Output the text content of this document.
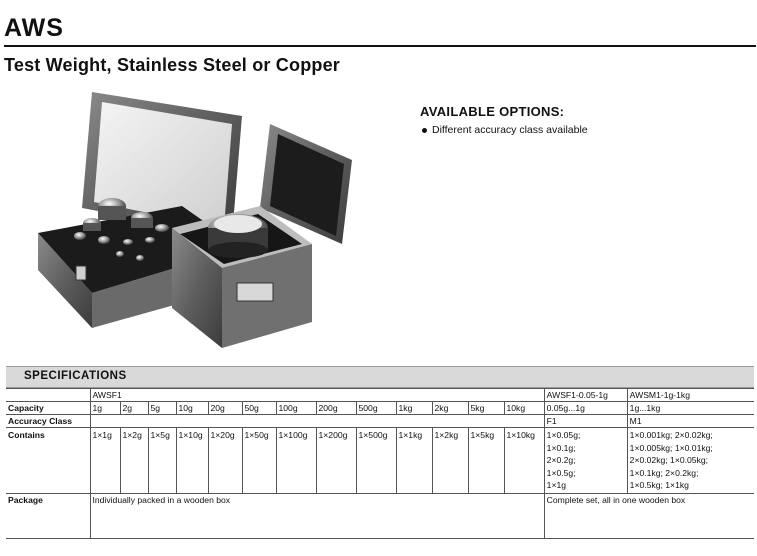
AWS
Test Weight, Stainless Steel or Copper
AVAILABLE OPTIONS:
Different accuracy class available
SPECIFICATIONS
	AWSF1													AWSF1-0.05-1g	AWSM1-1g-1kg
Capacity	1g	2g	5g	10g	20g	50g	100g	200g	500g	1kg	2kg	5kg	10kg	0.05g...1g	1g...1kg
Accuracy Class														F1	M1
Contains	1×1g	1×2g	1×5g	1×10g	1×20g	1×50g	1×100g	1×200g	1×500g	1×1kg	1×2kg	1×5kg	1×10kg	1×0.05g;
1×0.1g;
2×0.2g;
1×0.5g;
1×1g	1×0.001kg; 2×0.02kg;
1×0.005kg; 1×0.01kg;
2×0.02kg; 1×0.05kg;
1×0.1kg; 2×0.2kg;
1×0.5kg; 1×1kg

Package	Individually packed in a wooden box													Complete set, all in one wooden box	
